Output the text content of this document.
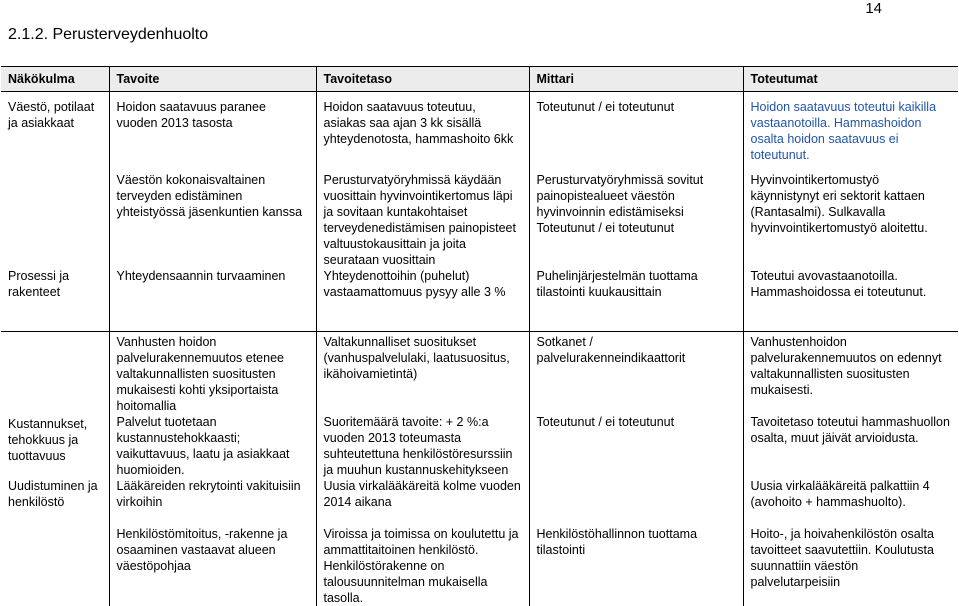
14
2.1.2. Perusterveydenhuolto
Näkökulma	Tavoite	Tavoitetaso	Mittari	Toteutumat
Väestö, potilaat ja asiakkaat	Hoidon saatavuus paranee vuoden 2013 tasosta	Hoidon saatavuus toteutuu, asiakas saa ajan 3 kk sisällä yhteydenotosta, hammashoito 6kk	Toteutunut / ei toteutunut	Hoidon saatavuus toteutui kaikilla vastaanotoilla. Hammashoidon osalta hoidon saatavuus ei toteutunut.
	Väestön kokonaisvaltainen terveyden edistäminen yhteistyössä jäsenkuntien kanssa	Perusturvatyöryhmissä käydään vuosittain hyvinvointikertomus läpi ja sovitaan kuntakohtaiset terveydenedistämisen painopisteet valtuustokausittain ja joita seurataan vuosittain	Perusturvatyöryhmissä sovitut painopistealueet väestön hyvinvoinnin edistämiseksi Toteutunut / ei toteutunut	Hyvinvointikertomustyö käynnistynyt eri sektorit kattaen (Rantasalmi). Sulkavalla hyvinvointikertomustyö aloitettu.
Prosessi ja rakenteet	Yhteydensaannin turvaaminen	Yhteydenottoihin (puhelut) vastaamattomuus pysyy alle 3 %	Puhelinjärjestelmän tuottama tilastointi kuukausittain	Toteutui avovastaanotoilla. Hammashoidossa ei toteutunut.
	Vanhusten hoidon palvelurakennemuutos etenee valtakunnallisten suositusten mukaisesti kohti yksiportaista hoitomallia	Valtakunnalliset suositukset (vanhuspalvelulaki, laatusuositus, ikähoivamietintä)	Sotkanet / palvelurakenneindikaattorit	Vanhustenhoidon palvelurakennemuutos on edennyt valtakunnallisten suositusten mukaisesti.
Kustannukset, tehokkuus ja tuottavuus	Palvelut tuotetaan kustannustehokkaasti; vaikuttavuus, laatu ja asiakkaat huomioiden.	Suoritemäärä tavoite: + 2 %:a vuoden 2013 toteumasta suhteutettuna henkilöstöresurssiin ja muuhun kustannuskehitykseen	Toteutunut / ei toteutunut	Tavoitetaso toteutui hammashuollon osalta, muut jäivät arvioidusta.
Uudistuminen ja henkilöstö	Lääkäreiden rekrytointi vakituisiin virkoihin	Uusia virkalääkäreitä kolme vuoden 2014 aikana		Uusia virkalääkäreitä palkattiin 4 (avohoito + hammashuolto).
	Henkilöstömitoitus, -rakenne ja osaaminen vastaavat alueen väestöpohjaa	Viroissa ja toimissa on koulutettu ja ammattitaitoinen henkilöstö. Henkilöstörakenne on talousuunnitelman mukaisella tasolla.	Henkilöstöhallinnon tuottama tilastointi	Hoito-, ja hoivahenkilöstön osalta tavoitteet saavutettiin. Koulutusta suunnattiin väestön palvelutarpeisiin
